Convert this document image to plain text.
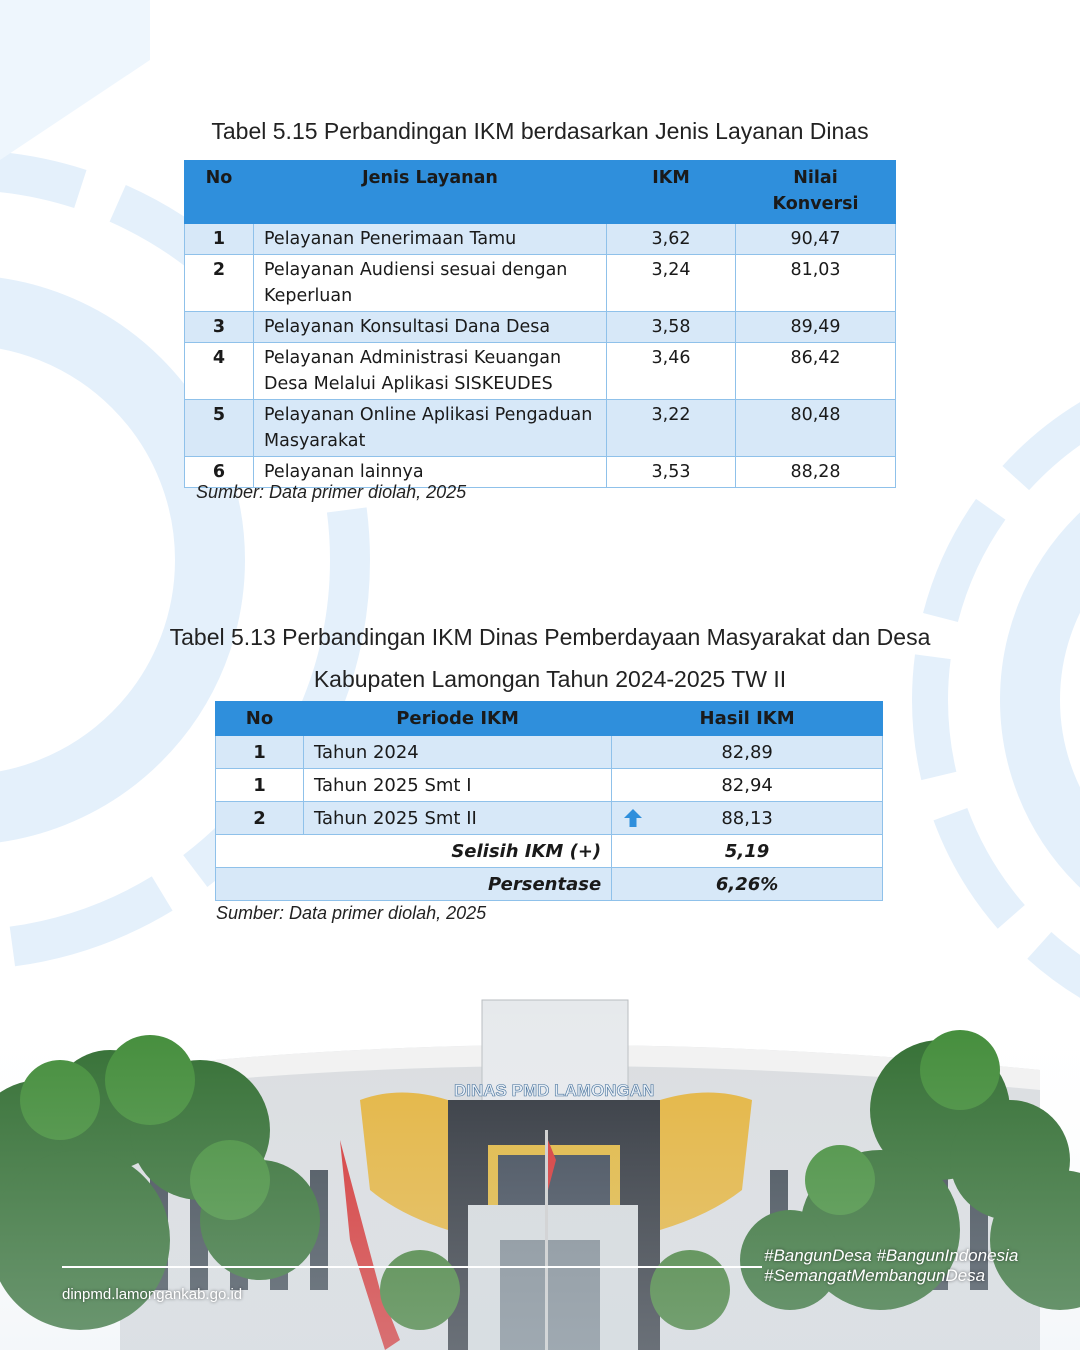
Tabel 5.15 Perbandingan IKM berdasarkan Jenis Layanan Dinas
No	Jenis Layanan	IKM	Nilai
Konversi
1	Pelayanan Penerimaan Tamu	3,62	90,47
2	Pelayanan Audiensi sesuai dengan
Keperluan	3,24	81,03
3	Pelayanan Konsultasi Dana Desa	3,58	89,49
4	Pelayanan Administrasi Keuangan
Desa Melalui Aplikasi SISKEUDES	3,46	86,42
5	Pelayanan Online Aplikasi Pengaduan
Masyarakat	3,22	80,48
6	Pelayanan lainnya	3,53	88,28
Sumber: Data primer diolah, 2025
Tabel 5.13 Perbandingan IKM Dinas Pemberdayaan Masyarakat dan Desa
Kabupaten Lamongan Tahun 2024-2025 TW II
No	Periode IKM	Hasil IKM
1	Tahun 2024	82,89
1	Tahun 2025 Smt I	82,94
2	Tahun 2025 Smt II	88,13
Selisih IKM (+)		5,19
Persentase		6,26%
Sumber: Data primer diolah, 2025
DINAS PMD LAMONGAN
dinpmd.lamongankab.go.id
#BangunDesa #BangunIndonesia
#SemangatMembangunDesa
